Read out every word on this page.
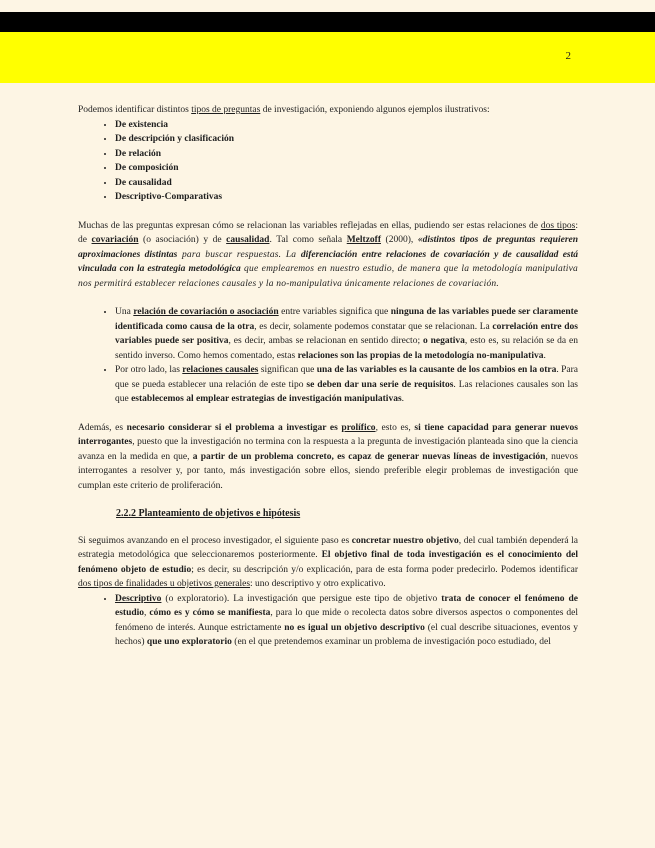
2

Podemos identificar distintos tipos de preguntas de investigación, exponiendo algunos ejemplos ilustrativos:

• De existencia
• De descripción y clasificación
• De relación
• De composición
• De causalidad
• Descriptivo-Comparativas

Muchas de las preguntas expresan cómo se relacionan las variables reflejadas en ellas, pudiendo ser estas relaciones de dos tipos: de covariación (o asociación) y de causalidad. Tal como señala Meltzoff (2000), «distintos tipos de preguntas requieren aproximaciones distintas para buscar respuestas. La diferenciación entre relaciones de covariación y de causalidad está vinculada con la estrategia metodológica que emplearemos en nuestro estudio, de manera que la metodología manipulativa nos permitirá establecer relaciones causales y la no-manipulativa únicamente relaciones de covariación.

• Una relación de covariación o asociación entre variables significa que ninguna de las variables puede ser claramente identificada como causa de la otra, es decir, solamente podemos constatar que se relacionan. La correlación entre dos variables puede ser positiva, es decir, ambas se relacionan en sentido directo; o negativa, esto es, su relación se da en sentido inverso. Como hemos comentado, estas relaciones son las propias de la metodología no-manipulativa.
• Por otro lado, las relaciones causales significan que una de las variables es la causante de los cambios en la otra. Para que se pueda establecer una relación de este tipo se deben dar una serie de requisitos. Las relaciones causales son las que establecemos al emplear estrategias de investigación manipulativas.

Además, es necesario considerar si el problema a investigar es prolífico, esto es, si tiene capacidad para generar nuevos interrogantes, puesto que la investigación no termina con la respuesta a la pregunta de investigación planteada sino que la ciencia avanza en la medida en que, a partir de un problema concreto, es capaz de generar nuevas líneas de investigación, nuevos interrogantes a resolver y, por tanto, más investigación sobre ellos, siendo preferible elegir problemas de investigación que cumplan este criterio de proliferación.

2.2.2 Planteamiento de objetivos e hipótesis

Si seguimos avanzando en el proceso investigador, el siguiente paso es concretar nuestro objetivo, del cual también dependerá la estrategia metodológica que seleccionaremos posteriormente. El objetivo final de toda investigación es el conocimiento del fenómeno objeto de estudio; es decir, su descripción y/o explicación, para de esta forma poder predecirlo. Podemos identificar dos tipos de finalidades u objetivos generales: uno descriptivo y otro explicativo.

• Descriptivo (o exploratorio). La investigación que persigue este tipo de objetivo trata de conocer el fenómeno de estudio, cómo es y cómo se manifiesta, para lo que mide o recolecta datos sobre diversos aspectos o componentes del fenómeno de interés. Aunque estrictamente no es igual un objetivo descriptivo (el cual describe situaciones, eventos y hechos) que uno exploratorio (en el que pretendemos examinar un problema de investigación poco estudiado, del
